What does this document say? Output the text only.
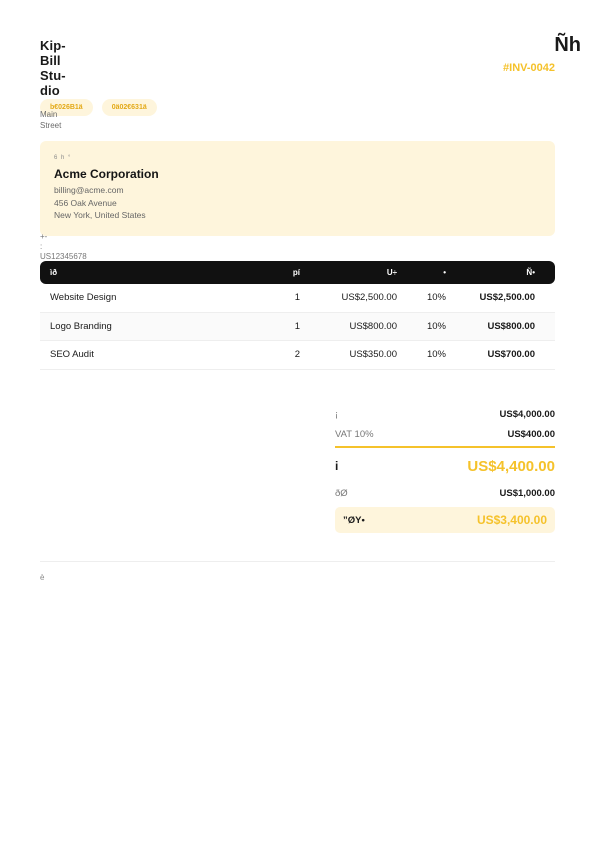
Kip-Bill Stu-dio
Ñh
#INV-0042
b€026B1ä	0ä02€631ä
Main Street
6 h °
Acme Corporation
billing@acme.com
456 Oak Avenue
New York, United States
+-
:
US12345678
ìð	pí	U÷	•	Ñ•
Website Design	1	US$2,500.00	10%	US$2,500.00
Logo Branding	1	US$800.00	10%	US$800.00
SEO Audit	2	US$350.00	10%	US$700.00
¡	US$4,000.00
VAT 10%	US$400.00
i	US$4,400.00
ðØ	US$1,000.00
”ØY•	US$3,400.00
è
